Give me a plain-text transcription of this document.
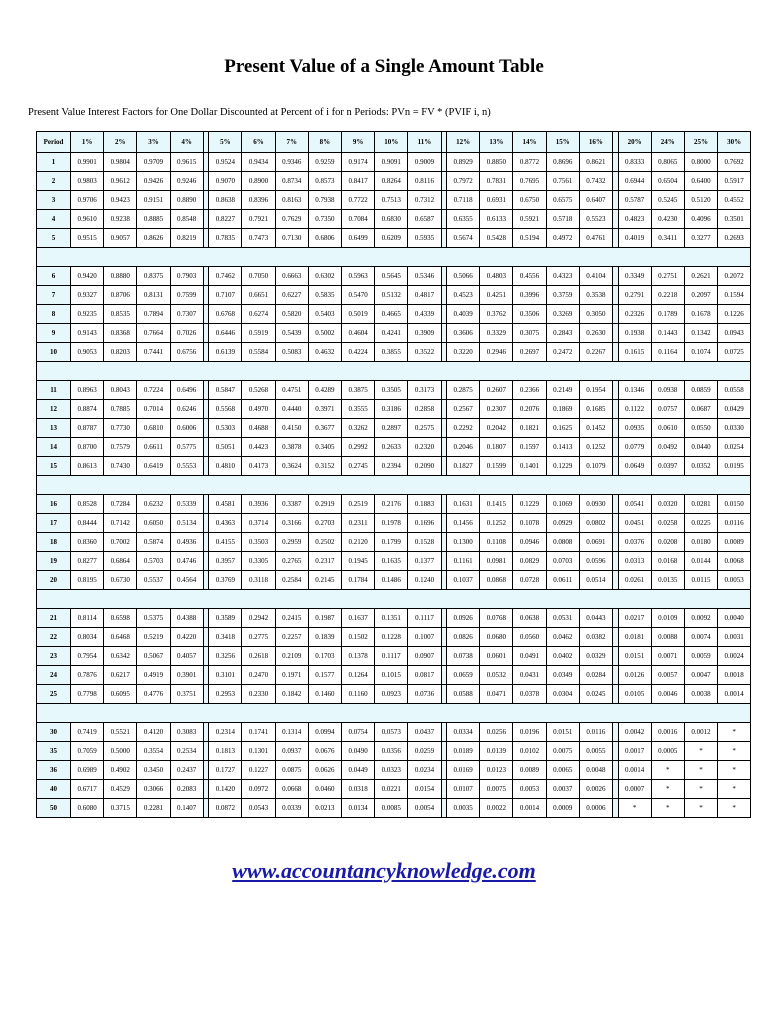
Present Value of a Single Amount Table
Present Value Interest Factors for One Dollar Discounted at Percent of i for n Periods: PVn = FV * (PVIF i, n)
Period	1%	2%	3%	4%		5%	6%	7%	8%	9%	10%	11%		12%	13%	14%	15%	16%		20%	24%	25%	30%
1	0.9901	0.9804	0.9709	0.9615		0.9524	0.9434	0.9346	0.9259	0.9174	0.9091	0.9009		0.8929	0.8850	0.8772	0.8696	0.8621		0.8333	0.8065	0.8000	0.7692
2	0.9803	0.9612	0.9426	0.9246		0.9070	0.8900	0.8734	0.8573	0.8417	0.8264	0.8116		0.7972	0.7831	0.7695	0.7561	0.7432		0.6944	0.6504	0.6400	0.5917
3	0.9706	0.9423	0.9151	0.8890		0.8638	0.8396	0.8163	0.7938	0.7722	0.7513	0.7312		0.7118	0.6931	0.6750	0.6575	0.6407		0.5787	0.5245	0.5120	0.4552
4	0.9610	0.9238	0.8885	0.8548		0.8227	0.7921	0.7629	0.7350	0.7084	0.6830	0.6587		0.6355	0.6133	0.5921	0.5718	0.5523		0.4823	0.4230	0.4096	0.3501
5	0.9515	0.9057	0.8626	0.8219		0.7835	0.7473	0.7130	0.6806	0.6499	0.6209	0.5935		0.5674	0.5428	0.5194	0.4972	0.4761		0.4019	0.3411	0.3277	0.2693

6	0.9420	0.8880	0.8375	0.7903		0.7462	0.7050	0.6663	0.6302	0.5963	0.5645	0.5346		0.5066	0.4803	0.4556	0.4323	0.4104		0.3349	0.2751	0.2621	0.2072
7	0.9327	0.8706	0.8131	0.7599		0.7107	0.6651	0.6227	0.5835	0.5470	0.5132	0.4817		0.4523	0.4251	0.3996	0.3759	0.3538		0.2791	0.2218	0.2097	0.1594
8	0.9235	0.8535	0.7894	0.7307		0.6768	0.6274	0.5820	0.5403	0.5019	0.4665	0.4339		0.4039	0.3762	0.3506	0.3269	0.3050		0.2326	0.1789	0.1678	0.1226
9	0.9143	0.8368	0.7664	0.7026		0.6446	0.5919	0.5439	0.5002	0.4604	0.4241	0.3909		0.3606	0.3329	0.3075	0.2843	0.2630		0.1938	0.1443	0.1342	0.0943
10	0.9053	0.8203	0.7441	0.6756		0.6139	0.5584	0.5083	0.4632	0.4224	0.3855	0.3522		0.3220	0.2946	0.2697	0.2472	0.2267		0.1615	0.1164	0.1074	0.0725

11	0.8963	0.8043	0.7224	0.6496		0.5847	0.5268	0.4751	0.4289	0.3875	0.3505	0.3173		0.2875	0.2607	0.2366	0.2149	0.1954		0.1346	0.0938	0.0859	0.0558
12	0.8874	0.7885	0.7014	0.6246		0.5568	0.4970	0.4440	0.3971	0.3555	0.3186	0.2858		0.2567	0.2307	0.2076	0.1869	0.1685		0.1122	0.0757	0.0687	0.0429
13	0.8787	0.7730	0.6810	0.6006		0.5303	0.4688	0.4150	0.3677	0.3262	0.2897	0.2575		0.2292	0.2042	0.1821	0.1625	0.1452		0.0935	0.0610	0.0550	0.0330
14	0.8700	0.7579	0.6611	0.5775		0.5051	0.4423	0.3878	0.3405	0.2992	0.2633	0.2320		0.2046	0.1807	0.1597	0.1413	0.1252		0.0779	0.0492	0.0440	0.0254
15	0.8613	0.7430	0.6419	0.5553		0.4810	0.4173	0.3624	0.3152	0.2745	0.2394	0.2090		0.1827	0.1599	0.1401	0.1229	0.1079		0.0649	0.0397	0.0352	0.0195

16	0.8528	0.7284	0.6232	0.5339		0.4581	0.3936	0.3387	0.2919	0.2519	0.2176	0.1883		0.1631	0.1415	0.1229	0.1069	0.0930		0.0541	0.0320	0.0281	0.0150
17	0.8444	0.7142	0.6050	0.5134		0.4363	0.3714	0.3166	0.2703	0.2311	0.1978	0.1696		0.1456	0.1252	0.1078	0.0929	0.0802		0.0451	0.0258	0.0225	0.0116
18	0.8360	0.7002	0.5874	0.4936		0.4155	0.3503	0.2959	0.2502	0.2120	0.1799	0.1528		0.1300	0.1108	0.0946	0.0808	0.0691		0.0376	0.0208	0.0180	0.0089
19	0.8277	0.6864	0.5703	0.4746		0.3957	0.3305	0.2765	0.2317	0.1945	0.1635	0.1377		0.1161	0.0981	0.0829	0.0703	0.0596		0.0313	0.0168	0.0144	0.0068
20	0.8195	0.6730	0.5537	0.4564		0.3769	0.3118	0.2584	0.2145	0.1784	0.1486	0.1240		0.1037	0.0868	0.0728	0.0611	0.0514		0.0261	0.0135	0.0115	0.0053

21	0.8114	0.6598	0.5375	0.4388		0.3589	0.2942	0.2415	0.1987	0.1637	0.1351	0.1117		0.0926	0.0768	0.0638	0.0531	0.0443		0.0217	0.0109	0.0092	0.0040
22	0.8034	0.6468	0.5219	0.4220		0.3418	0.2775	0.2257	0.1839	0.1502	0.1228	0.1007		0.0826	0.0680	0.0560	0.0462	0.0382		0.0181	0.0088	0.0074	0.0031
23	0.7954	0.6342	0.5067	0.4057		0.3256	0.2618	0.2109	0.1703	0.1378	0.1117	0.0907		0.0738	0.0601	0.0491	0.0402	0.0329		0.0151	0.0071	0.0059	0.0024
24	0.7876	0.6217	0.4919	0.3901		0.3101	0.2470	0.1971	0.1577	0.1264	0.1015	0.0817		0.0659	0.0532	0.0431	0.0349	0.0284		0.0126	0.0057	0.0047	0.0018
25	0.7798	0.6095	0.4776	0.3751		0.2953	0.2330	0.1842	0.1460	0.1160	0.0923	0.0736		0.0588	0.0471	0.0378	0.0304	0.0245		0.0105	0.0046	0.0038	0.0014

30	0.7419	0.5521	0.4120	0.3083		0.2314	0.1741	0.1314	0.0994	0.0754	0.0573	0.0437		0.0334	0.0256	0.0196	0.0151	0.0116		0.0042	0.0016	0.0012	*
35	0.7059	0.5000	0.3554	0.2534		0.1813	0.1301	0.0937	0.0676	0.0490	0.0356	0.0259		0.0189	0.0139	0.0102	0.0075	0.0055		0.0017	0.0005	*	*
36	0.6989	0.4902	0.3450	0.2437		0.1727	0.1227	0.0875	0.0626	0.0449	0.0323	0.0234		0.0169	0.0123	0.0089	0.0065	0.0048		0.0014	*	*	*
40	0.6717	0.4529	0.3066	0.2083		0.1420	0.0972	0.0668	0.0460	0.0318	0.0221	0.0154		0.0107	0.0075	0.0053	0.0037	0.0026		0.0007	*	*	*
50	0.6080	0.3715	0.2281	0.1407		0.0872	0.0543	0.0339	0.0213	0.0134	0.0085	0.0054		0.0035	0.0022	0.0014	0.0009	0.0006		*	*	*	*
www.accountancyknowledge.com
